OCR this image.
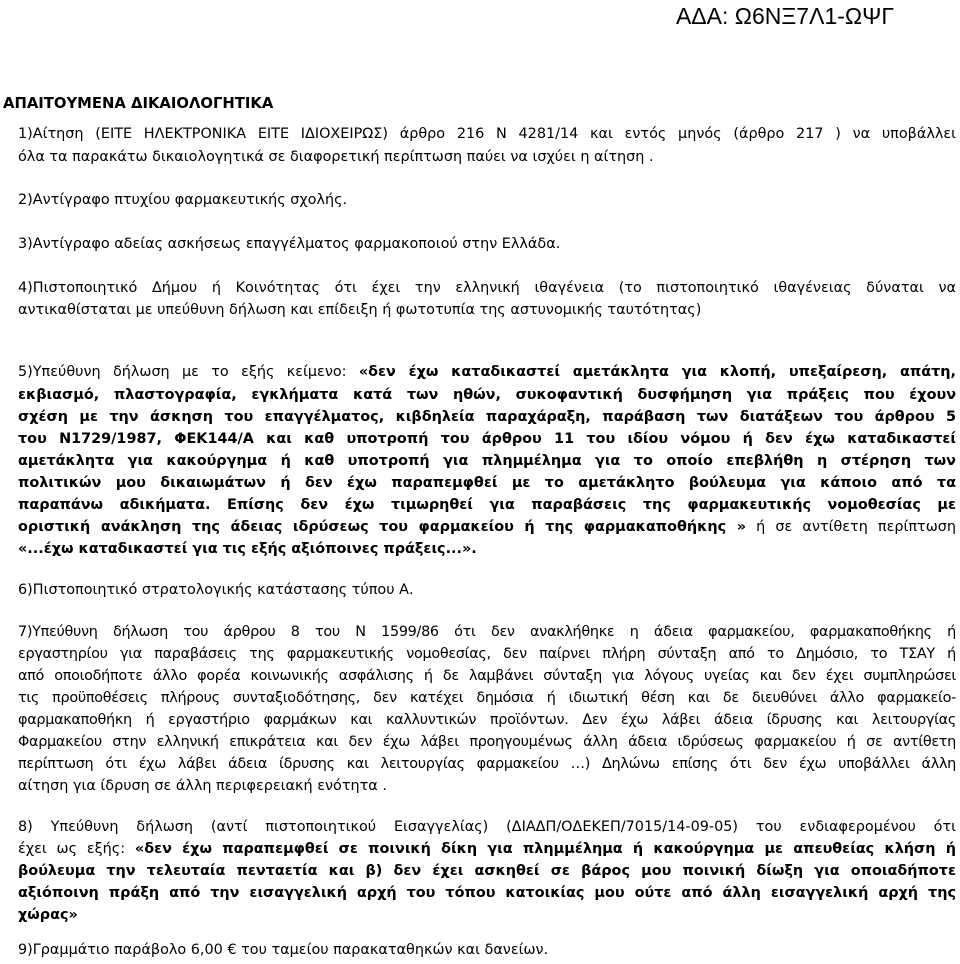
ΑΔΑ: Ω6ΝΞ7Λ1-ΩΨΓ
ΑΠΑΙΤΟΥΜΕΝΑ ΔΙΚΑΙΟΛΟΓΗΤΙΚΑ
1)Αίτηση (ΕΙΤΕ ΗΛΕΚΤΡΟΝΙΚΑ ΕΙΤΕ ΙΔΙΟΧΕΙΡΩΣ) άρθρο 216 Ν 4281/14 και εντός μηνός (άρθρο 217 ) να υποβάλλει
όλα τα παρακάτω δικαιολογητικά σε διαφορετική περίπτωση παύει να ισχύει η αίτηση .
2)Αντίγραφο πτυχίου φαρμακευτικής σχολής.
3)Αντίγραφο αδείας ασκήσεως επαγγέλματος φαρμακοποιού στην Ελλάδα.
4)Πιστοποιητικό Δήμου ή Κοινότητας ότι έχει την ελληνική ιθαγένεια (το πιστοποιητικό ιθαγένειας δύναται να
αντικαθίσταται με υπεύθυνη δήλωση και επίδειξη ή φωτοτυπία της αστυνομικής ταυτότητας)
5)Υπεύθυνη δήλωση με το εξής κείμενο: «δεν έχω καταδικαστεί αμετάκλητα για κλοπή, υπεξαίρεση, απάτη,
εκβιασμό, πλαστογραφία, εγκλήματα κατά των ηθών, συκοφαντική δυσφήμηση για πράξεις που έχουν
σχέση με την άσκηση του επαγγέλματος, κιβδηλεία παραχάραξη, παράβαση των διατάξεων του άρθρου 5
του Ν1729/1987, ΦΕΚ144/Α και καθ υποτροπή του άρθρου 11 του ιδίου νόμου ή δεν έχω καταδικαστεί
αμετάκλητα για κακούργημα ή καθ υποτροπή για πλημμέλημα για το οποίο επεβλήθη η στέρηση των
πολιτικών μου δικαιωμάτων ή δεν έχω παραπεμφθεί με το αμετάκλητο βούλευμα για κάποιο από τα
παραπάνω αδικήματα. Επίσης δεν έχω τιμωρηθεί για παραβάσεις της φαρμακευτικής νομοθεσίας με
οριστική ανάκληση της άδειας ιδρύσεως του φαρμακείου ή της φαρμακαποθήκης » ή σε αντίθετη περίπτωση
«...έχω καταδικαστεί για τις εξής αξιόποινες πράξεις...».
6)Πιστοποιητικό στρατολογικής κατάστασης τύπου Α.
7)Υπεύθυνη δήλωση του άρθρου 8 του Ν 1599/86 ότι δεν ανακλήθηκε η άδεια φαρμακείου, φαρμακαποθήκης ή
εργαστηρίου για παραβάσεις της φαρμακευτικής νομοθεσίας, δεν παίρνει πλήρη σύνταξη από το Δημόσιο, το ΤΣΑΥ ή
από οποιοδήποτε άλλο φορέα κοινωνικής ασφάλισης ή δε λαμβάνει σύνταξη για λόγους υγείας και δεν έχει συμπληρώσει
τις προϋποθέσεις πλήρους συνταξιοδότησης, δεν κατέχει δημόσια ή ιδιωτική θέση και δε διευθύνει άλλο φαρμακείο-
φαρμακαποθήκη ή εργαστήριο φαρμάκων και καλλυντικών προϊόντων. Δεν έχω λάβει άδεια ίδρυσης και λειτουργίας
Φαρμακείου στην ελληνική επικράτεια και δεν έχω λάβει προηγουμένως άλλη άδεια ιδρύσεως φαρμακείου ή σε αντίθετη
περίπτωση ότι έχω λάβει άδεια ίδρυσης και λειτουργίας φαρμακείου …) Δηλώνω επίσης ότι δεν έχω υποβάλλει άλλη
αίτηση για ίδρυση σε άλλη περιφερειακή ενότητα .
8) Υπεύθυνη δήλωση (αντί πιστοποιητικού Εισαγγελίας) (ΔΙΑΔΠ/ΟΔΕΚΕΠ/7015/14-09-05) του ενδιαφερομένου ότι
έχει ως εξής: «δεν έχω παραπεμφθεί σε ποινική δίκη για πλημμέλημα ή κακούργημα με απευθείας κλήση ή
βούλευμα την τελευταία πενταετία και β) δεν έχει ασκηθεί σε βάρος μου ποινική δίωξη για οποιαδήποτε
αξιόποινη πράξη από την εισαγγελική αρχή του τόπου κατοικίας μου ούτε από άλλη εισαγγελική αρχή της
χώρας»
9)Γραμμάτιο παράβολο 6,00 € του ταμείου παρακαταθηκών και δανείων.
